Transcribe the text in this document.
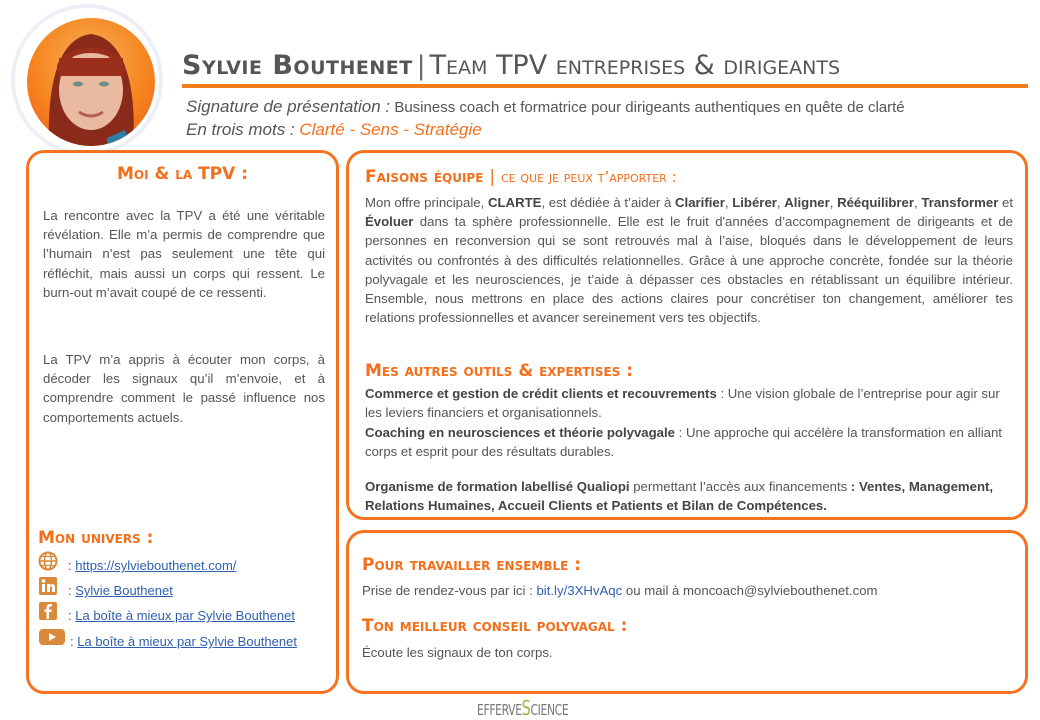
Sylvie Bouthenet | Team TPV entreprises & dirigeants
Signature de présentation : Business coach et formatrice pour dirigeants authentiques en quête de clarté
En trois mots : Clarté - Sens - Stratégie
Moi & la TPV :
La rencontre avec la TPV a été une véritable révélation. Elle m’a permis de comprendre que l’humain n’est pas seulement une tête qui réfléchit, mais aussi un corps qui ressent. Le burn-out m’avait coupé de ce ressenti.
La TPV m’a appris à écouter mon corps, à décoder les signaux qu’il m’envoie, et à comprendre comment le passé influence nos comportements actuels.
Mon univers :
:
https://sylviebouthenet.com/
:
Sylvie Bouthenet
:
La boîte à mieux par Sylvie Bouthenet
:
La boîte à mieux par Sylvie Bouthenet
Faisons équipe | ce que je peux t’apporter :
Mon offre principale, CLARTE, est dédiée à t’aider à Clarifier, Libérer, Aligner, Rééquilibrer, Transformer et Évoluer dans ta sphère professionnelle. Elle est le fruit d'années d’accompagnement de dirigeants et de personnes en reconversion qui se sont retrouvés mal à l’aise, bloqués dans le développement de leurs activités ou confrontés à des difficultés relationnelles. Grâce à une approche concrète, fondée sur la théorie polyvagale et les neurosciences, je t’aide à dépasser ces obstacles en rétablissant un équilibre intérieur. Ensemble, nous mettrons en place des actions claires pour concrétiser ton changement, améliorer tes relations professionnelles et avancer sereinement vers tes objectifs.
Mes autres outils & expertises :
Commerce et gestion de crédit clients et recouvrements : Une vision globale de l’entreprise pour agir sur les leviers financiers et organisationnels.
Coaching en neurosciences et théorie polyvagale : Une approche qui accélère la transformation en alliant corps et esprit pour des résultats durables.
Organisme de formation labellisé Qualiopi permettant l’accès aux financements : Ventes, Management, Relations Humaines, Accueil Clients et Patients et Bilan de Compétences.
Pour travailler ensemble :
Prise de rendez-vous par ici : bit.ly/3XHvAqc ou mail à moncoach@sylviebouthenet.com
Ton meilleur conseil polyvagal :
Écoute les signaux de ton corps.
EFFERVESCIENCE
